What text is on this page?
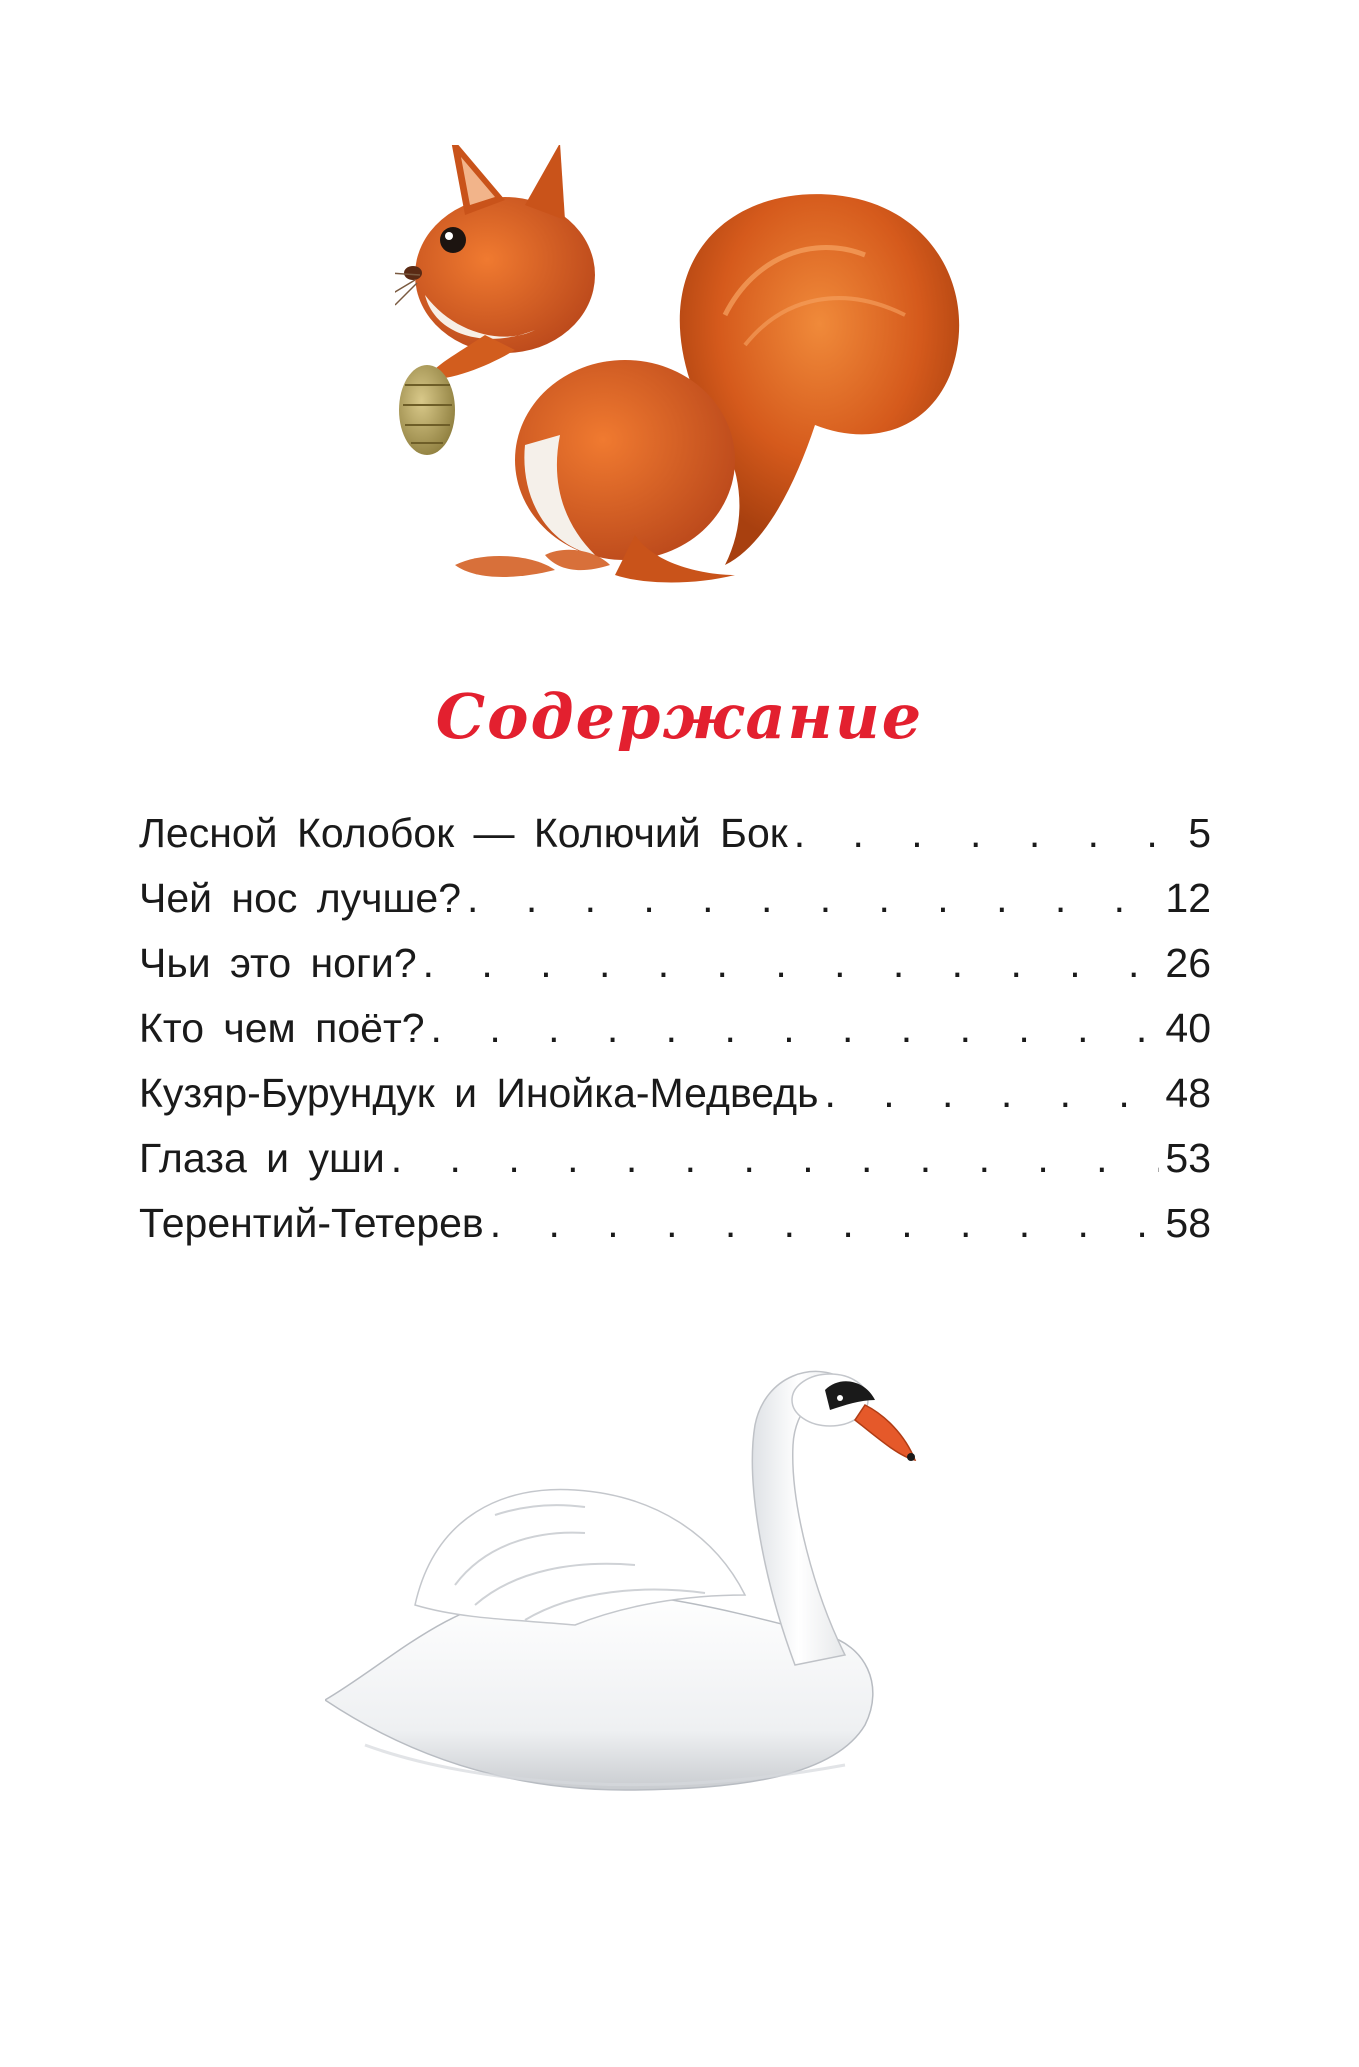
Содержание
Лесной Колобок — Колючий Бок . . .	5
Чей нос лучше? . . .	12
Чьи это ноги? . . .	26
Кто чем поёт? . . .	40
Кузяр-Бурундук и Инойка-Медведь . . .	48
Глаза и уши . . .	53
Терентий-Тетерев . . .	58
